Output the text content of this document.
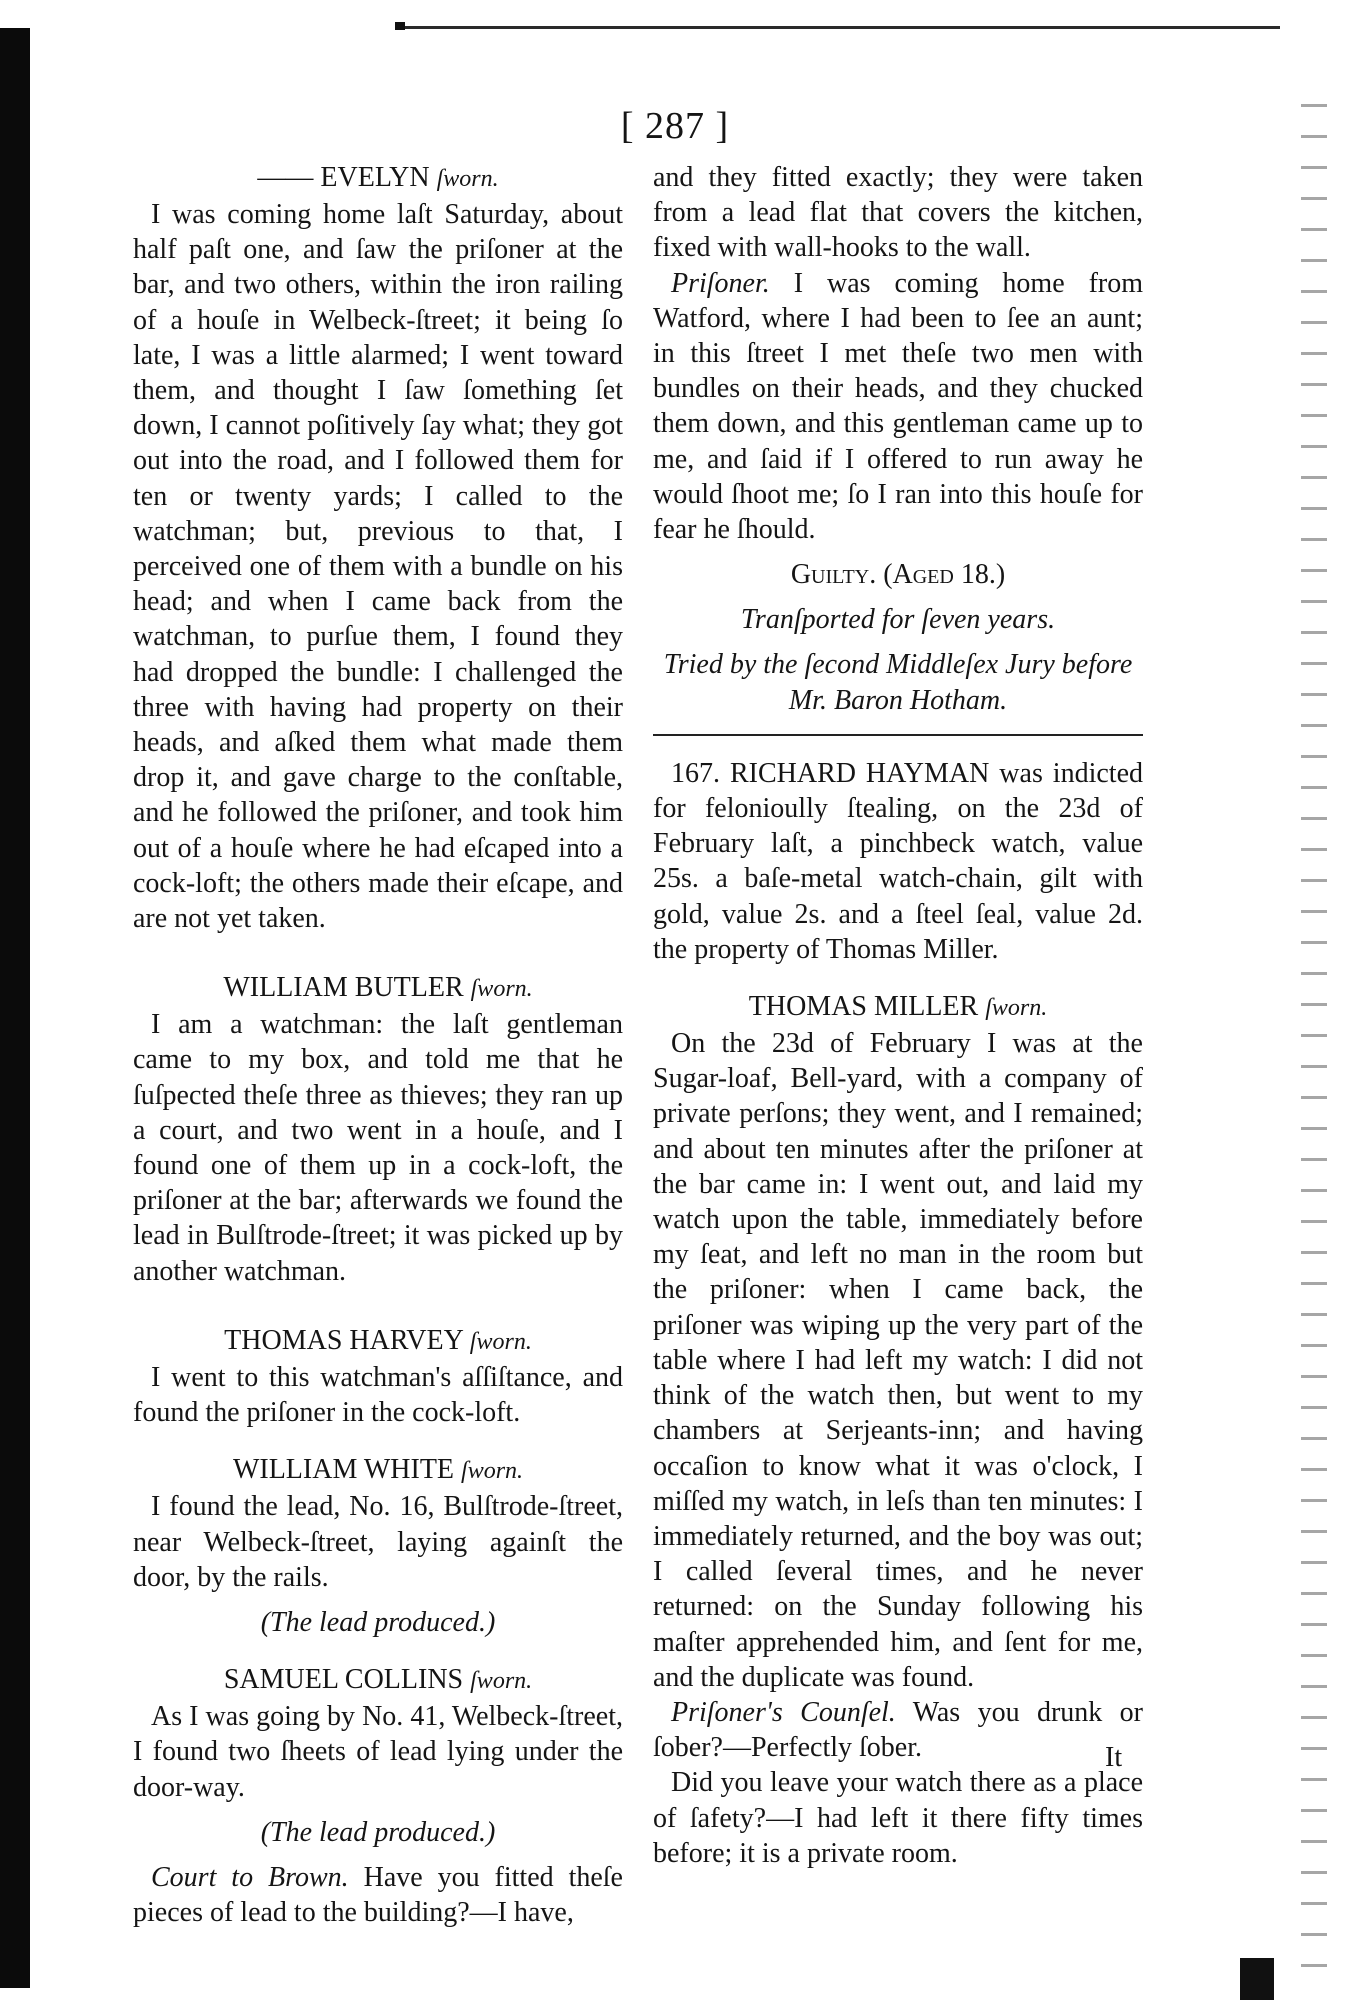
[ 287 ]
—— EVELYN ſworn.

I was coming home laſt Saturday, about half paſt one, and ſaw the priſoner at the bar, and two others, within the iron railing of a houſe in Welbeck-ſtreet; it being ſo late, I was a little alarmed; I went toward them, and thought I ſaw ſomething ſet down, I cannot poſitively ſay what; they got out into the road, and I followed them for ten or twenty yards; I called to the watchman; but, previous to that, I perceived one of them with a bundle on his head; and when I came back from the watchman, to purſue them, I found they had dropped the bundle: I challenged the three with having had property on their heads, and aſked them what made them drop it, and gave charge to the conſtable, and he followed the priſoner, and took him out of a houſe where he had eſcaped into a cock-loft; the others made their eſcape, and are not yet taken.

WILLIAM BUTLER ſworn.

I am a watchman: the laſt gentleman came to my box, and told me that he ſuſpected theſe three as thieves; they ran up a court, and two went in a houſe, and I found one of them up in a cock-loft, the priſoner at the bar; afterwards we found the lead in Bulſtrode-ſtreet; it was picked up by another watchman.

THOMAS HARVEY ſworn.

I went to this watchman's aſſiſtance, and found the priſoner in the cock-loft.

WILLIAM WHITE ſworn.

I found the lead, No. 16, Bulſtrode-ſtreet, near Welbeck-ſtreet, laying againſt the door, by the rails.

(The lead produced.)

SAMUEL COLLINS ſworn.

As I was going by No. 41, Welbeck-ſtreet, I found two ſheets of lead lying under the door-way.

(The lead produced.)

Court to Brown. Have you fitted theſe pieces of lead to the building?—I have,

and they fitted exactly; they were taken from a lead flat that covers the kitchen, fixed with wall-hooks to the wall.

Priſoner. I was coming home from Watford, where I had been to ſee an aunt; in this ſtreet I met theſe two men with bundles on their heads, and they chucked them down, and this gentleman came up to me, and ſaid if I offered to run away he would ſhoot me; ſo I ran into this houſe for fear he ſhould.

Guilty. (Aged 18.)

Tranſported for ſeven years.

Tried by the ſecond Middleſex Jury before

Mr. Baron Hotham.

167. RICHARD HAYMAN was indicted for felonioully ſtealing, on the 23d of February laſt, a pinchbeck watch, value 25s. a baſe-metal watch-chain, gilt with gold, value 2s. and a ſteel ſeal, value 2d. the property of Thomas Miller.

THOMAS MILLER ſworn.

On the 23d of February I was at the Sugar-loaf, Bell-yard, with a company of private perſons; they went, and I remained; and about ten minutes after the priſoner at the bar came in: I went out, and laid my watch upon the table, immediately before my ſeat, and left no man in the room but the priſoner: when I came back, the priſoner was wiping up the very part of the table where I had left my watch: I did not think of the watch then, but went to my chambers at Serjeants-inn; and having occaſion to know what it was o'clock, I miſſed my watch, in leſs than ten minutes: I immediately returned, and the boy was out; I called ſeveral times, and he never returned: on the Sunday following his maſter apprehended him, and ſent for me, and the duplicate was found.

Priſoner's Counſel. Was you drunk or ſober?—Perfectly ſober.

Did you leave your watch there as a place of ſafety?—I had left it there fifty times before; it is a private room.

It
